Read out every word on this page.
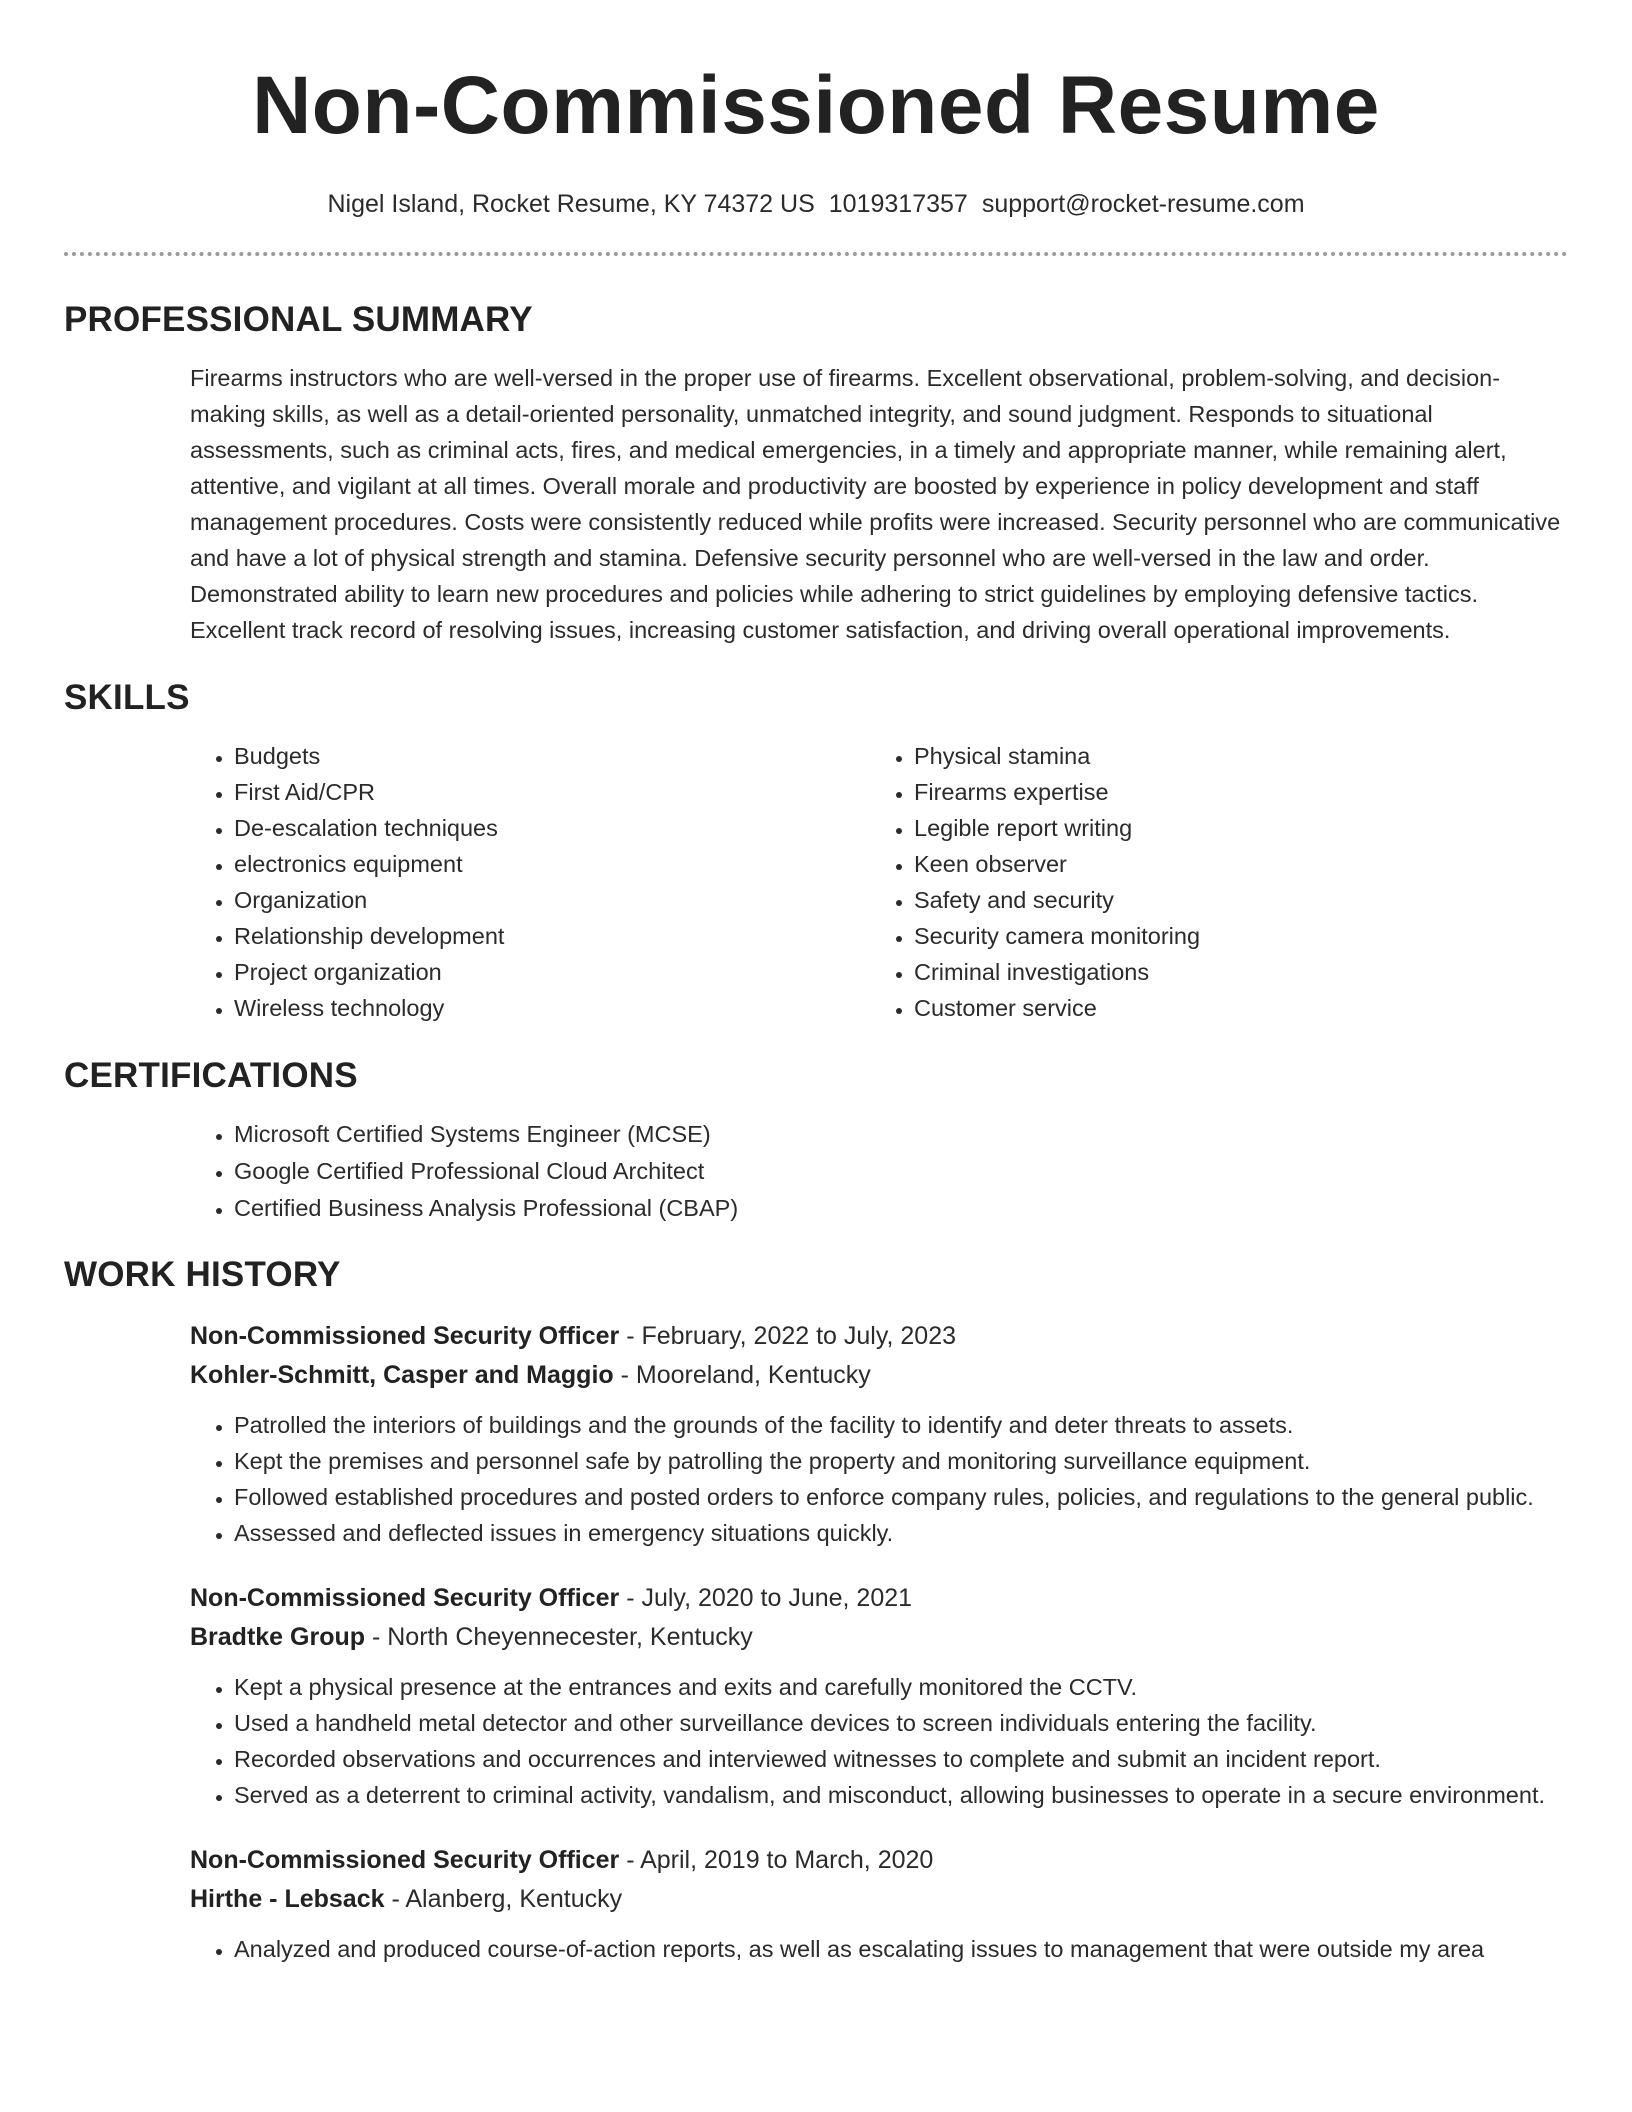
Non-Commissioned Resume
Nigel Island, Rocket Resume, KY 74372 US 1019317357 support@rocket-resume.com
PROFESSIONAL SUMMARY

Firearms instructors who are well-versed in the proper use of firearms. Excellent observational, problem-solving, and decision-making skills, as well as a detail-oriented personality, unmatched integrity, and sound judgment. Responds to situational assessments, such as criminal acts, fires, and medical emergencies, in a timely and appropriate manner, while remaining alert, attentive, and vigilant at all times. Overall morale and productivity are boosted by experience in policy development and staff management procedures. Costs were consistently reduced while profits were increased. Security personnel who are communicative and have a lot of physical strength and stamina. Defensive security personnel who are well-versed in the law and order. Demonstrated ability to learn new procedures and policies while adhering to strict guidelines by employing defensive tactics. Excellent track record of resolving issues, increasing customer satisfaction, and driving overall operational improvements.

SKILLS
• Budgets
• First Aid/CPR
• De-escalation techniques
• electronics equipment
• Organization
• Relationship development
• Project organization
• Wireless technology
• Physical stamina
• Firearms expertise
• Legible report writing
• Keen observer
• Safety and security
• Security camera monitoring
• Criminal investigations
• Customer service
CERTIFICATIONS
• Microsoft Certified Systems Engineer (MCSE)
• Google Certified Professional Cloud Architect
• Certified Business Analysis Professional (CBAP)
WORK HISTORY
Non-Commissioned Security Officer - February, 2022 to July, 2023
Kohler-Schmitt, Casper and Maggio - Mooreland, Kentucky
• Patrolled the interiors of buildings and the grounds of the facility to identify and deter threats to assets.
• Kept the premises and personnel safe by patrolling the property and monitoring surveillance equipment.
• Followed established procedures and posted orders to enforce company rules, policies, and regulations to the general public.
• Assessed and deflected issues in emergency situations quickly.
Non-Commissioned Security Officer - July, 2020 to June, 2021
Bradtke Group - North Cheyennecester, Kentucky
• Kept a physical presence at the entrances and exits and carefully monitored the CCTV.
• Used a handheld metal detector and other surveillance devices to screen individuals entering the facility.
• Recorded observations and occurrences and interviewed witnesses to complete and submit an incident report.
• Served as a deterrent to criminal activity, vandalism, and misconduct, allowing businesses to operate in a secure environment.
Non-Commissioned Security Officer - April, 2019 to March, 2020
Hirthe - Lebsack - Alanberg, Kentucky
• Analyzed and produced course-of-action reports, as well as escalating issues to management that were outside my area
